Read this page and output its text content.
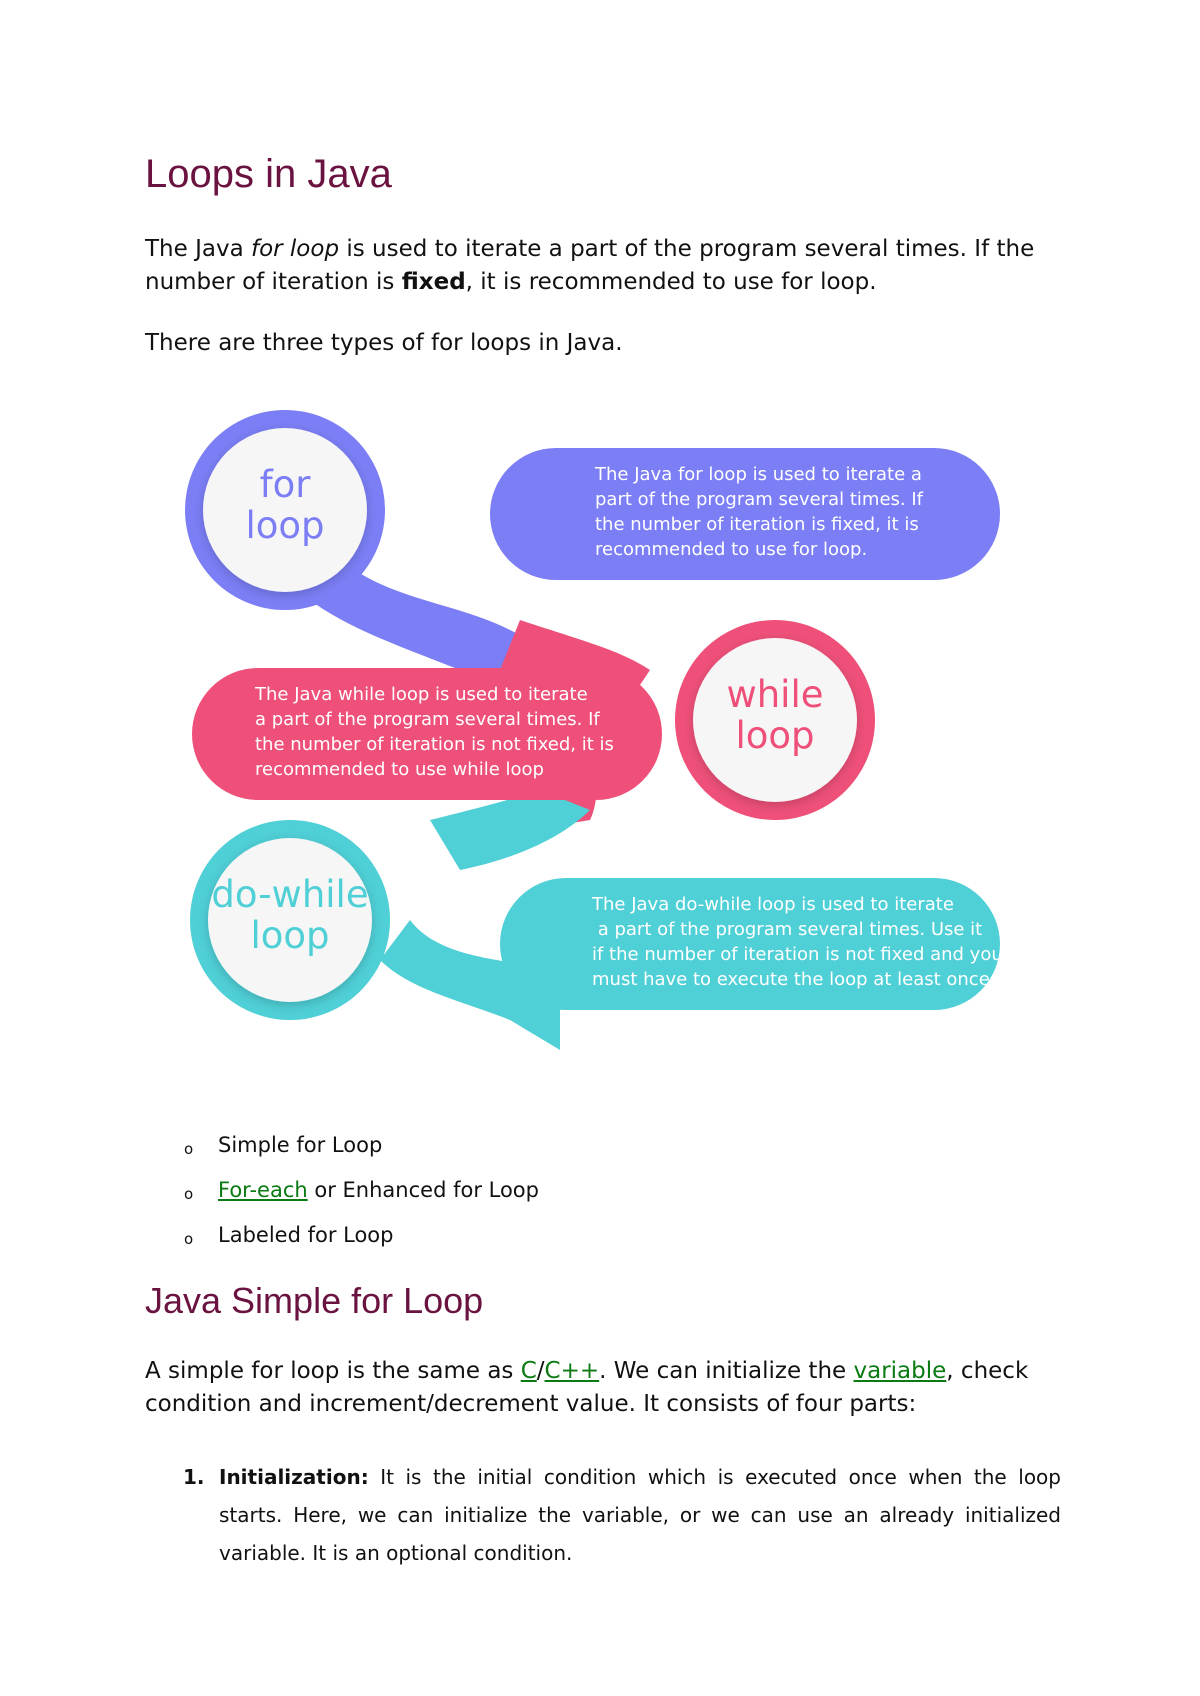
Loops in Java

The Java for loop is used to iterate a part of the program several times. If the number of iteration is fixed, it is recommended to use for loop.

There are three types of for loops in Java.

for
loop
while
loop
do-while
loop
The Java for loop is used to iterate a
part of the program several times. If
the number of iteration is fixed, it is
recommended to use for loop.
The Java while loop is used to iterate
a part of the program several times. If
the number of iteration is not fixed, it is
recommended to use while loop
The Java do-while loop is used to iterate
a part of the program several times. Use it
if the number of iteration is not fixed and you
must have to execute the loop at least once.
o Simple for Loop
o For-each or Enhanced for Loop
o Labeled for Loop
Java Simple for Loop

A simple for loop is the same as C/C++. We can initialize the variable, check condition and increment/decrement value. It consists of four parts:

1. Initialization: It is the initial condition which is executed once when the loop starts. Here, we can initialize the variable, or we can use an already initialized variable. It is an optional condition.
